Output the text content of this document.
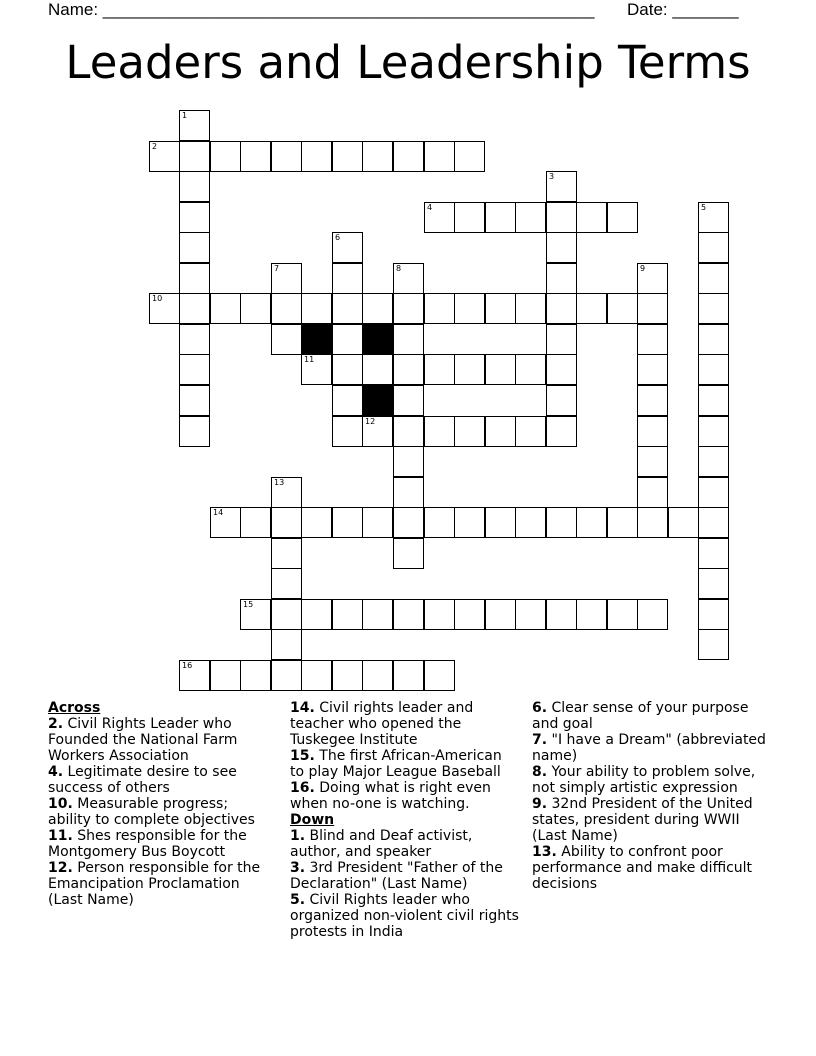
Name: ____________________________________________________ Date: _______
Leaders and Leadership Terms
2
4
10
11
12
14
15
16
1
3
5
6
7	8	9
13
Across
2. Civil Rights Leader who Founded the National Farm Workers Association
4. Legitimate desire to see success of others
10. Measurable progress; ability to complete objectives
11. Shes responsible for the Montgomery Bus Boycott
12. Person responsible for the Emancipation Proclamation (Last Name)
14. Civil rights leader and teacher who opened the Tuskegee Institute
15. The first African-American to play Major League Baseball
16. Doing what is right even when no-one is watching.
Down
1. Blind and Deaf activist, author, and speaker
3. 3rd President "Father of the Declaration" (Last Name)
5. Civil Rights leader who organized non-violent civil rights protests in India
6. Clear sense of your purpose and goal
7. "I have a Dream" (abbreviated name)
8. Your ability to problem solve, not simply artistic expression
9. 32nd President of the United states, president during WWII (Last Name)
13. Ability to confront poor performance and make difficult decisions
